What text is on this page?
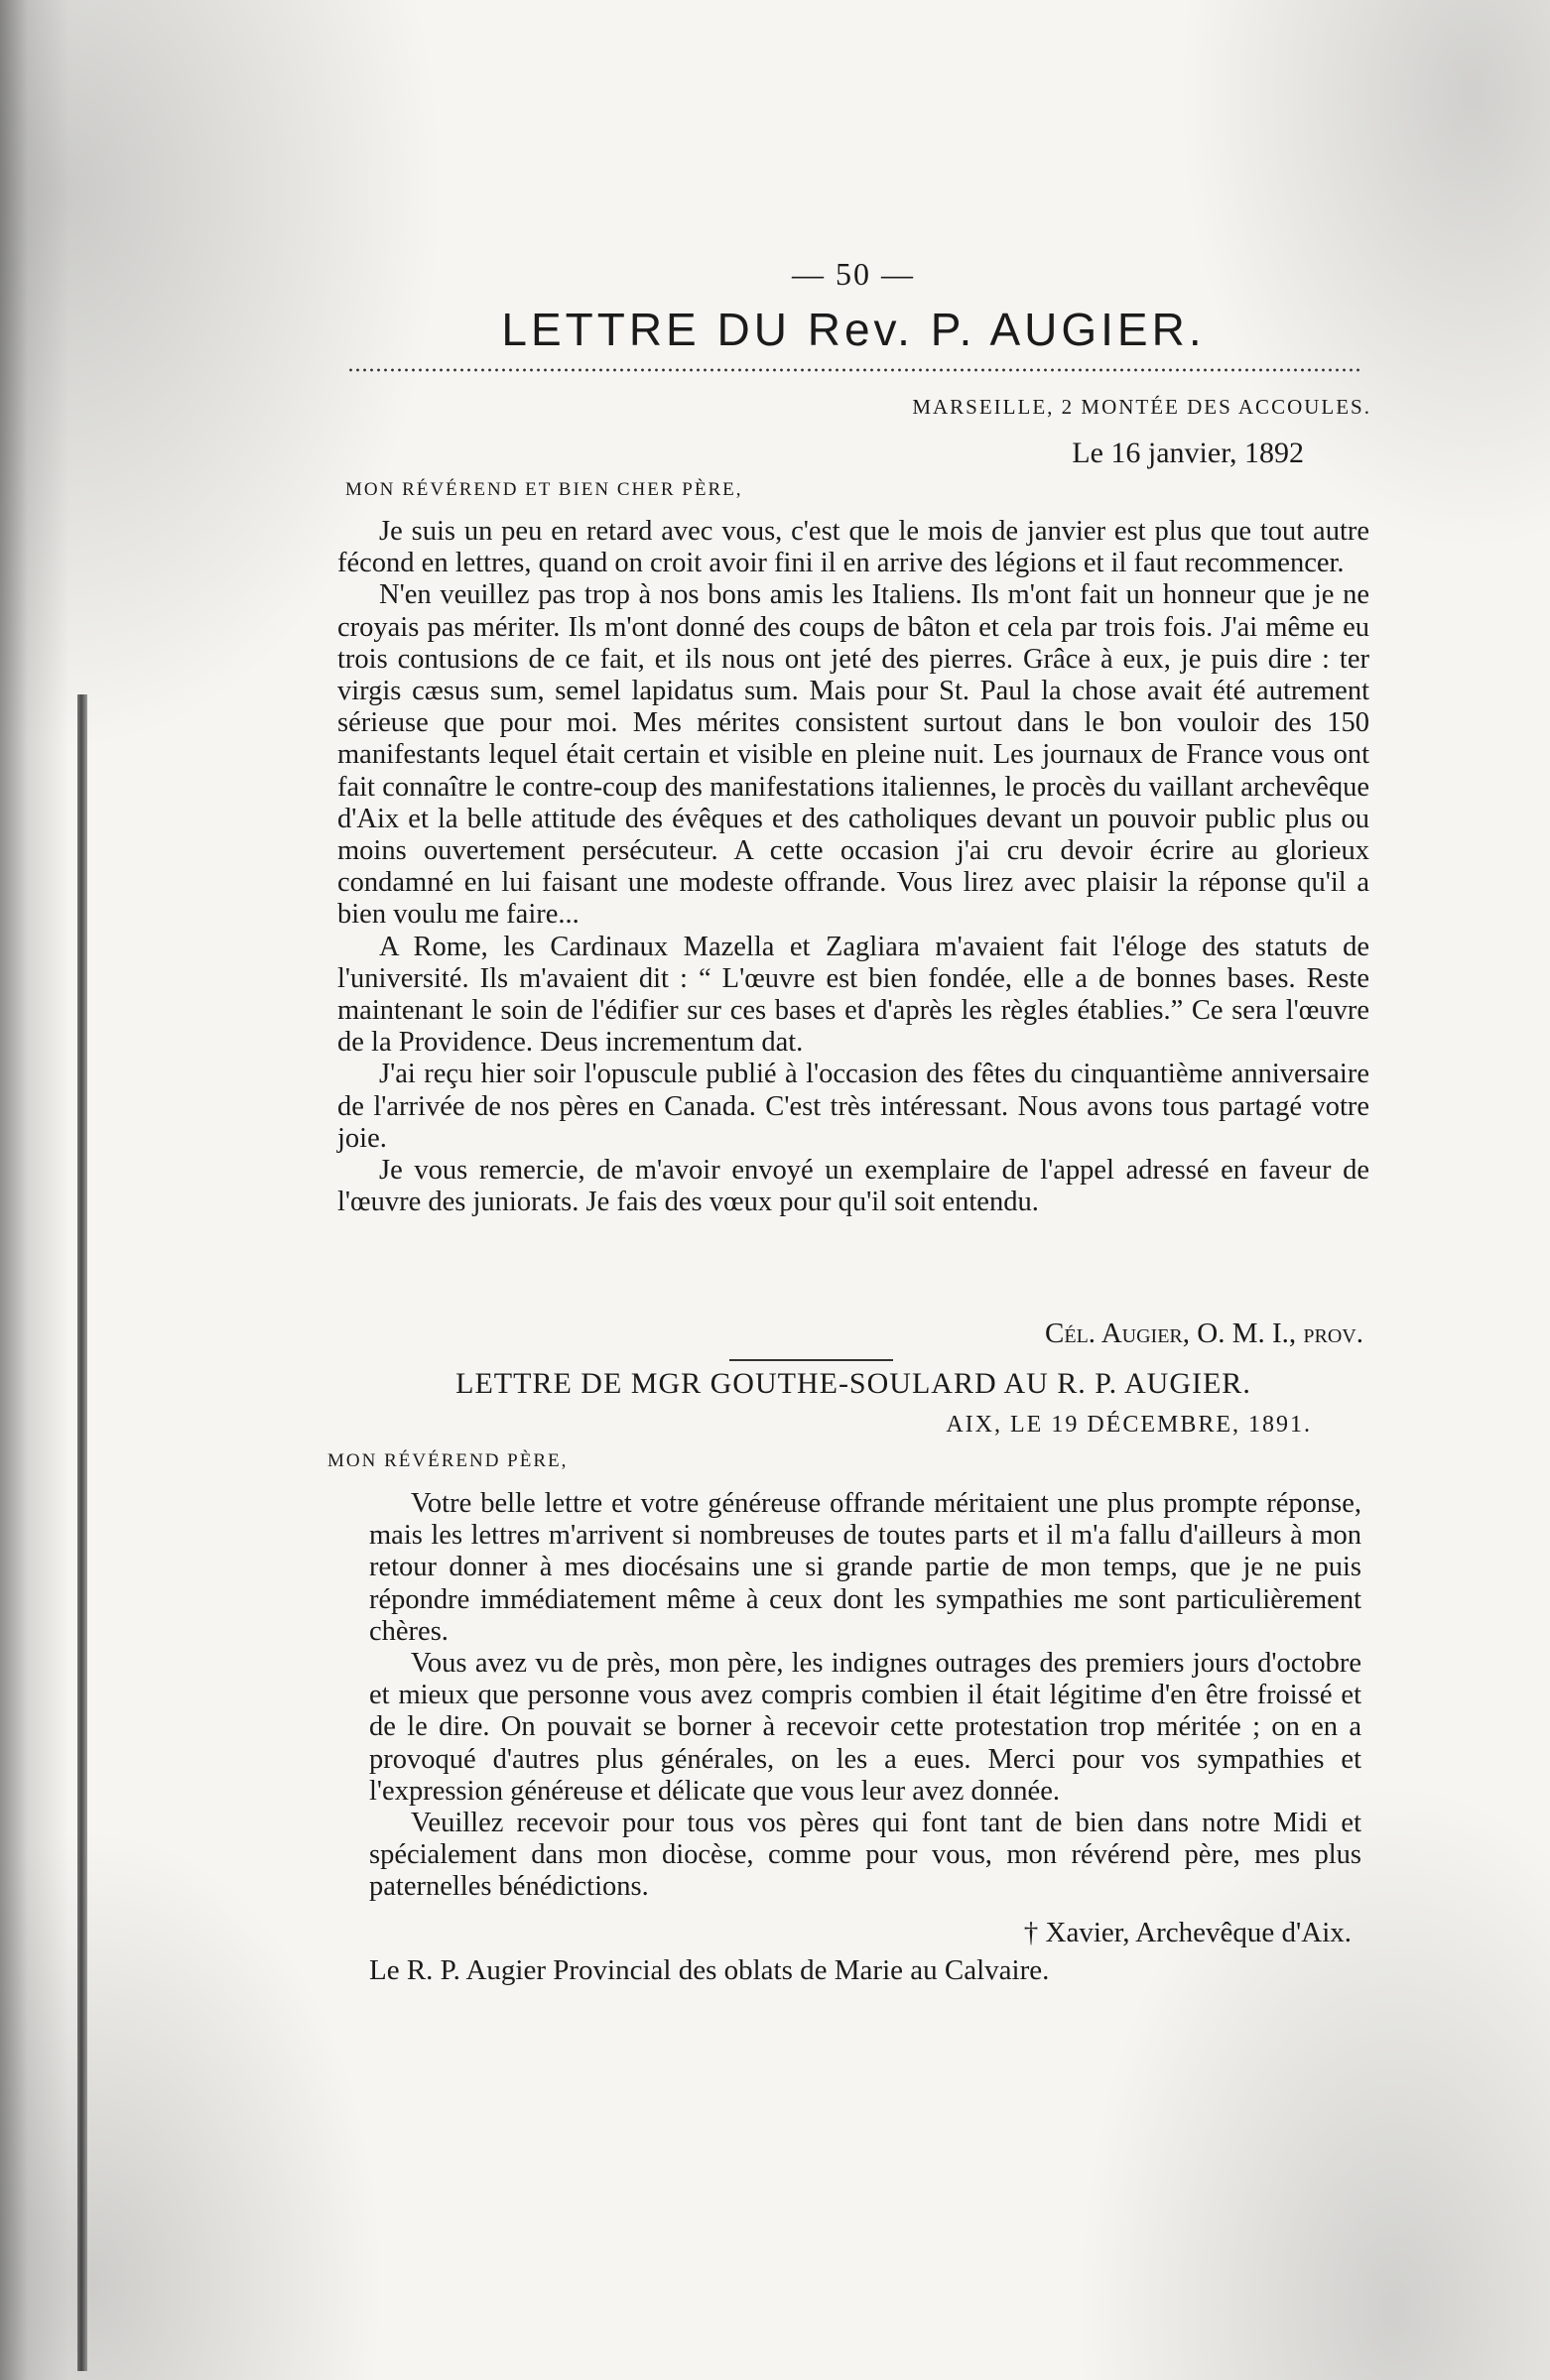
— 50 —
LETTRE DU Rev. P. AUGIER.
MARSEILLE, 2 MONTÉE DES ACCOULES.
Le 16 janvier, 1892
MON RÉVÉREND ET BIEN CHER PÈRE,

Je suis un peu en retard avec vous, c'est que le mois de janvier est plus que tout autre fécond en lettres, quand on croit avoir fini il en arrive des légions et il faut recommencer.

N'en veuillez pas trop à nos bons amis les Italiens. Ils m'ont fait un honneur que je ne croyais pas mériter. Ils m'ont donné des coups de bâton et cela par trois fois. J'ai même eu trois contusions de ce fait, et ils nous ont jeté des pierres. Grâce à eux, je puis dire : ter virgis cæsus sum, semel lapidatus sum. Mais pour St. Paul la chose avait été autrement sérieuse que pour moi. Mes mérites consistent surtout dans le bon vouloir des 150 manifestants lequel était certain et visible en pleine nuit. Les journaux de France vous ont fait connaître le contre-coup des manifestations italiennes, le procès du vaillant archevêque d'Aix et la belle attitude des évêques et des catholiques devant un pouvoir public plus ou moins ouvertement persécuteur. A cette occasion j'ai cru devoir écrire au glorieux condamné en lui faisant une modeste offrande. Vous lirez avec plaisir la réponse qu'il a bien voulu me faire...

A Rome, les Cardinaux Mazella et Zagliara m'avaient fait l'éloge des statuts de l'université. Ils m'avaient dit : “ L'œuvre est bien fondée, elle a de bonnes bases. Reste maintenant le soin de l'édifier sur ces bases et d'après les règles établies.” Ce sera l'œuvre de la Providence. Deus incrementum dat.

J'ai reçu hier soir l'opuscule publié à l'occasion des fêtes du cinquantième anniversaire de l'arrivée de nos pères en Canada. C'est très intéressant. Nous avons tous partagé votre joie.

Je vous remercie, de m'avoir envoyé un exemplaire de l'appel adressé en faveur de l'œuvre des juniorats. Je fais des vœux pour qu'il soit entendu.

Cél. Augier, O. M. I., prov.
LETTRE DE MGR GOUTHE-SOULARD AU R. P. AUGIER.
AIX, LE 19 DÉCEMBRE, 1891.
MON RÉVÉREND PÈRE,

Votre belle lettre et votre généreuse offrande méritaient une plus prompte réponse, mais les lettres m'arrivent si nombreuses de toutes parts et il m'a fallu d'ailleurs à mon retour donner à mes diocésains une si grande partie de mon temps, que je ne puis répondre immédiatement même à ceux dont les sympathies me sont particulièrement chères.

Vous avez vu de près, mon père, les indignes outrages des premiers jours d'octobre et mieux que personne vous avez compris combien il était légitime d'en être froissé et de le dire. On pouvait se borner à recevoir cette protestation trop méritée ; on en a provoqué d'autres plus générales, on les a eues. Merci pour vos sympathies et l'expression généreuse et délicate que vous leur avez donnée.

Veuillez recevoir pour tous vos pères qui font tant de bien dans notre Midi et spécialement dans mon diocèse, comme pour vous, mon révérend père, mes plus paternelles bénédictions.

† Xavier, Archevêque d'Aix.
Le R. P. Augier Provincial des oblats de Marie au Calvaire.
